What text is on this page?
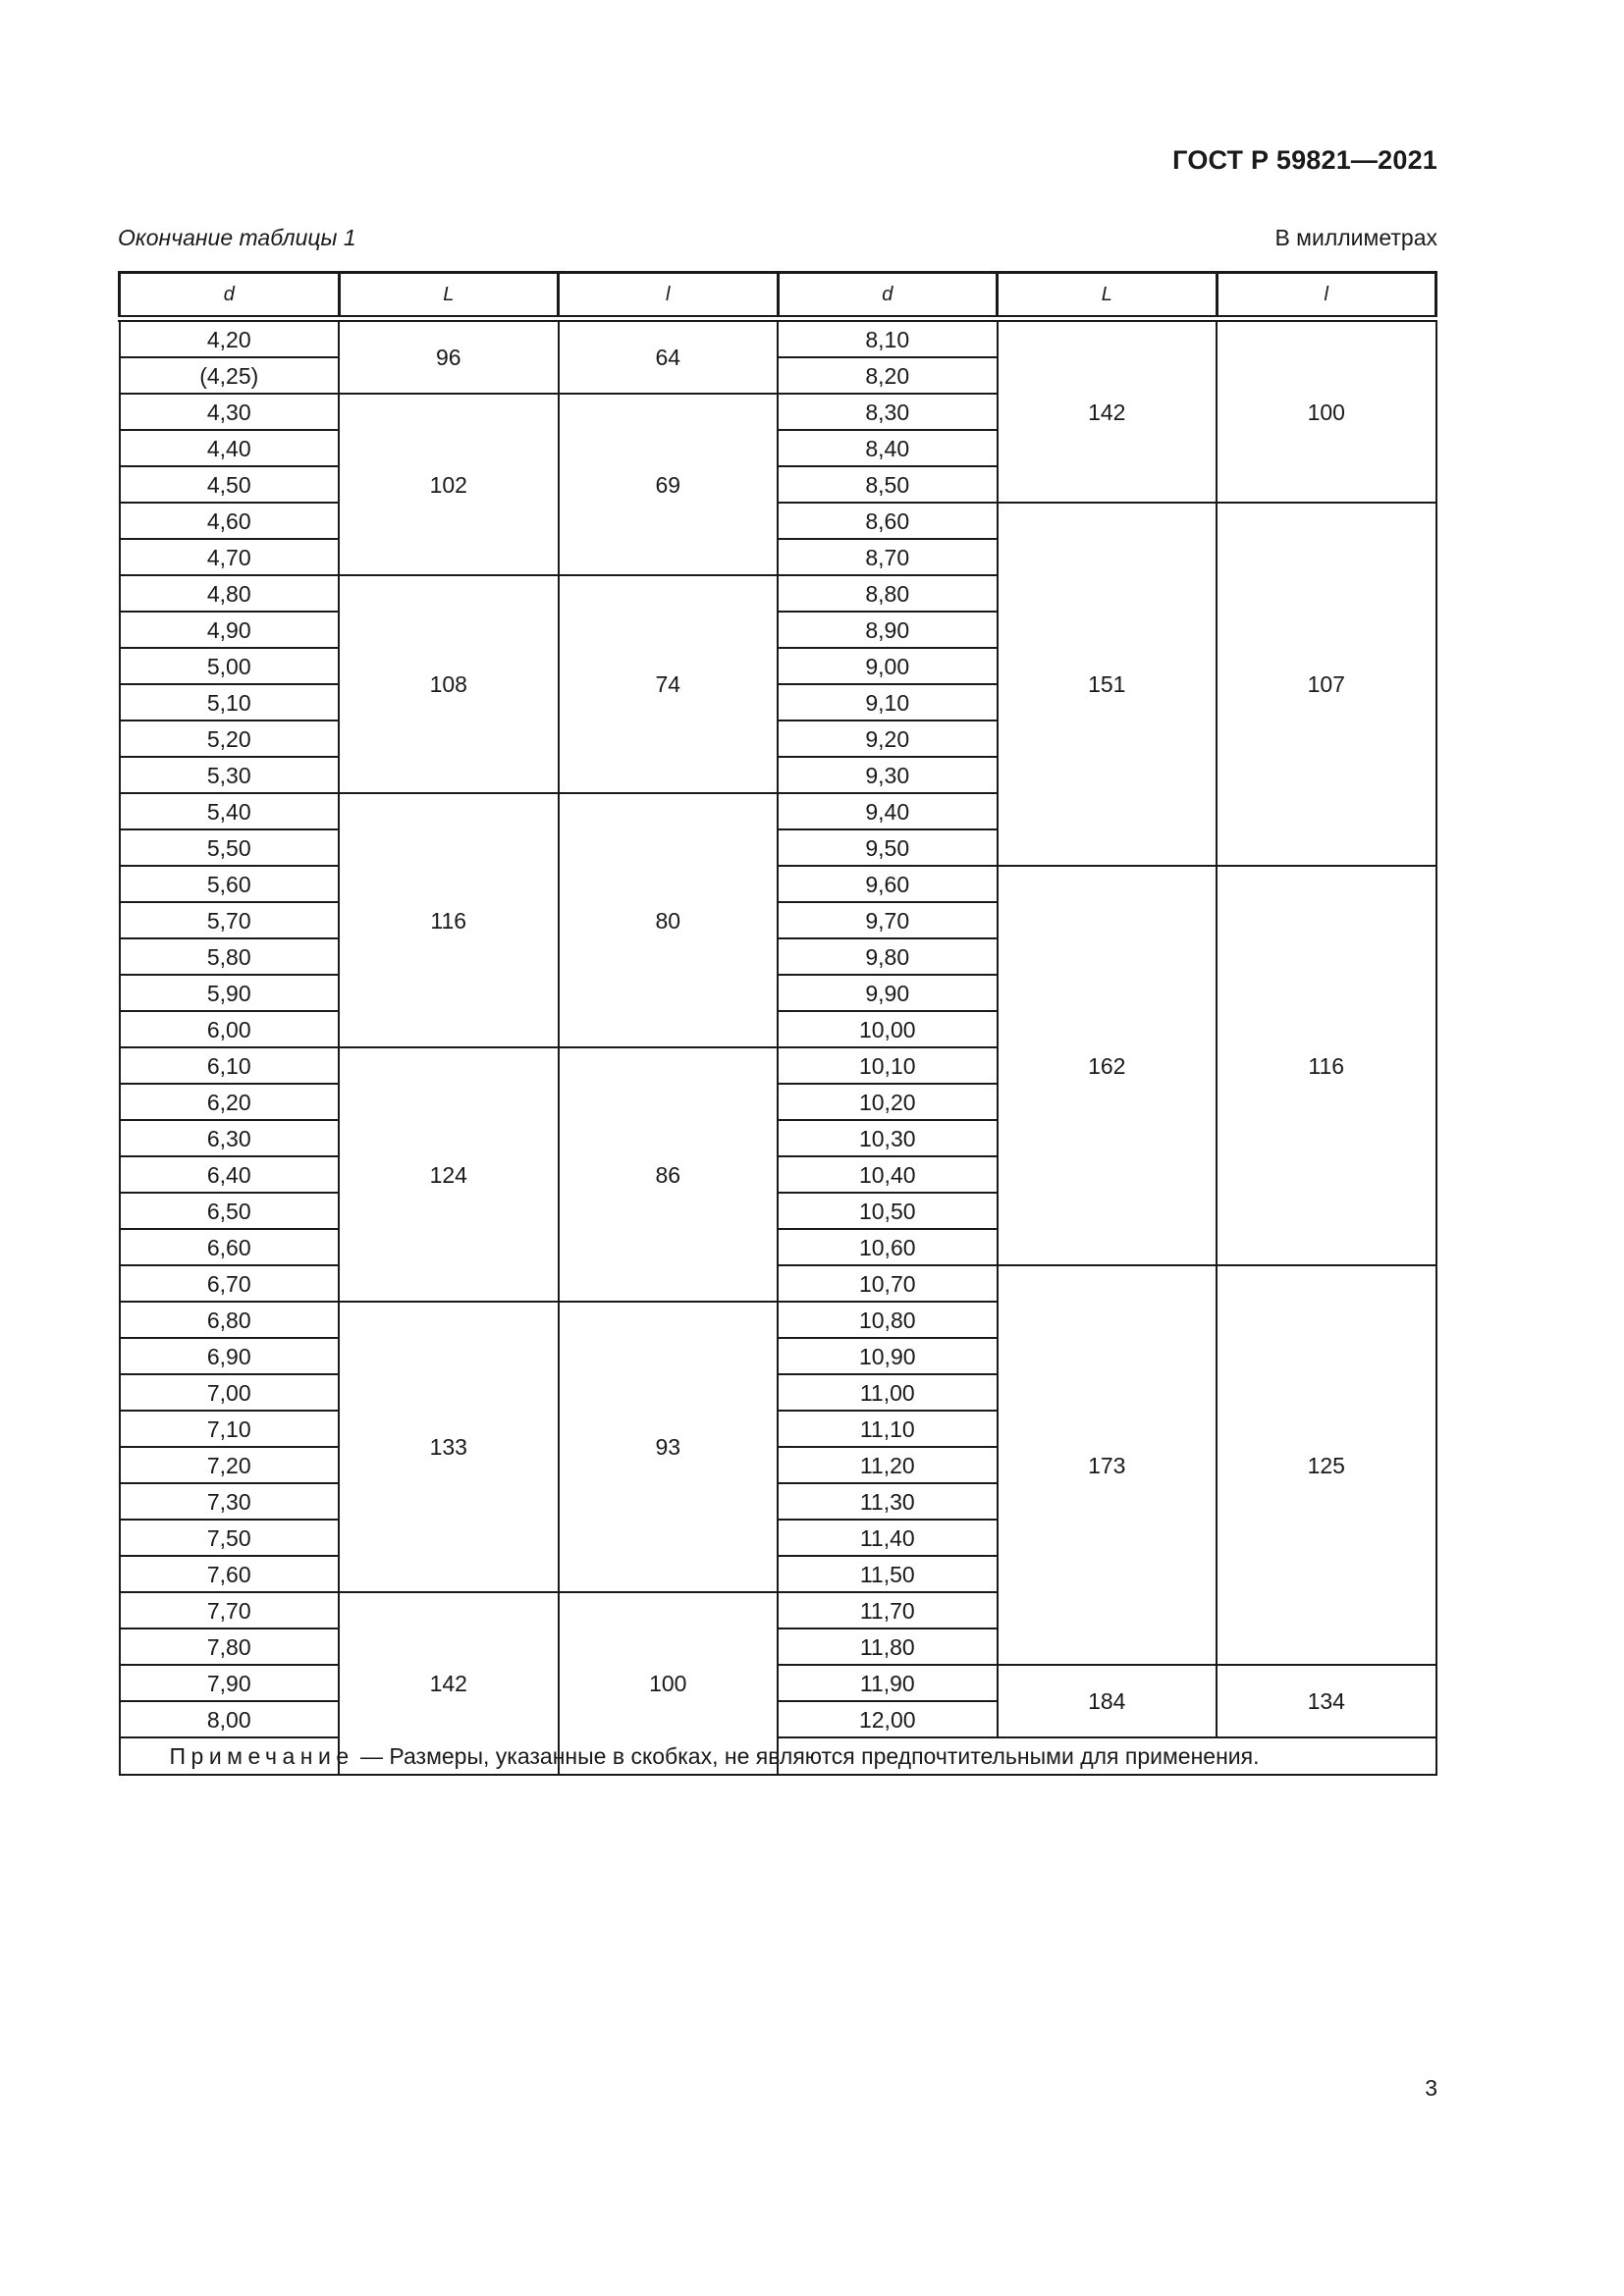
ГОСТ Р 59821—2021
Окончание таблицы 1	В миллиметрах
d	L	l	d	L	l
4,20	96	64	8,10	142	100
(4,25)			8,20		
4,30	102	69	8,30		
4,40			8,40		
4,50			8,50		
4,60			8,60	151	107
4,70			8,70		
4,80	108	74	8,80		
4,90			8,90		
5,00			9,00		
5,10			9,10		
5,20			9,20		
5,30			9,30		
5,40	116	80	9,40		
5,50			9,50		
5,60			9,60	162	116
5,70			9,70		
5,80			9,80		
5,90			9,90		
6,00			10,00		
6,10	124	86	10,10		
6,20			10,20		
6,30			10,30		
6,40			10,40		
6,50			10,50		
6,60			10,60		
6,70			10,70	173	125
6,80	133	93	10,80		
6,90			10,90		
7,00			11,00		
7,10			11,10		
7,20			11,20		
7,30			11,30		
7,50			11,40		
7,60			11,50		
7,70	142	100	11,70		
7,80			11,80		
7,90			11,90	184	134
8,00			12,00		
Примечание — Размеры, указанные в скобках, не являются предпочтительными для применения.					
3
